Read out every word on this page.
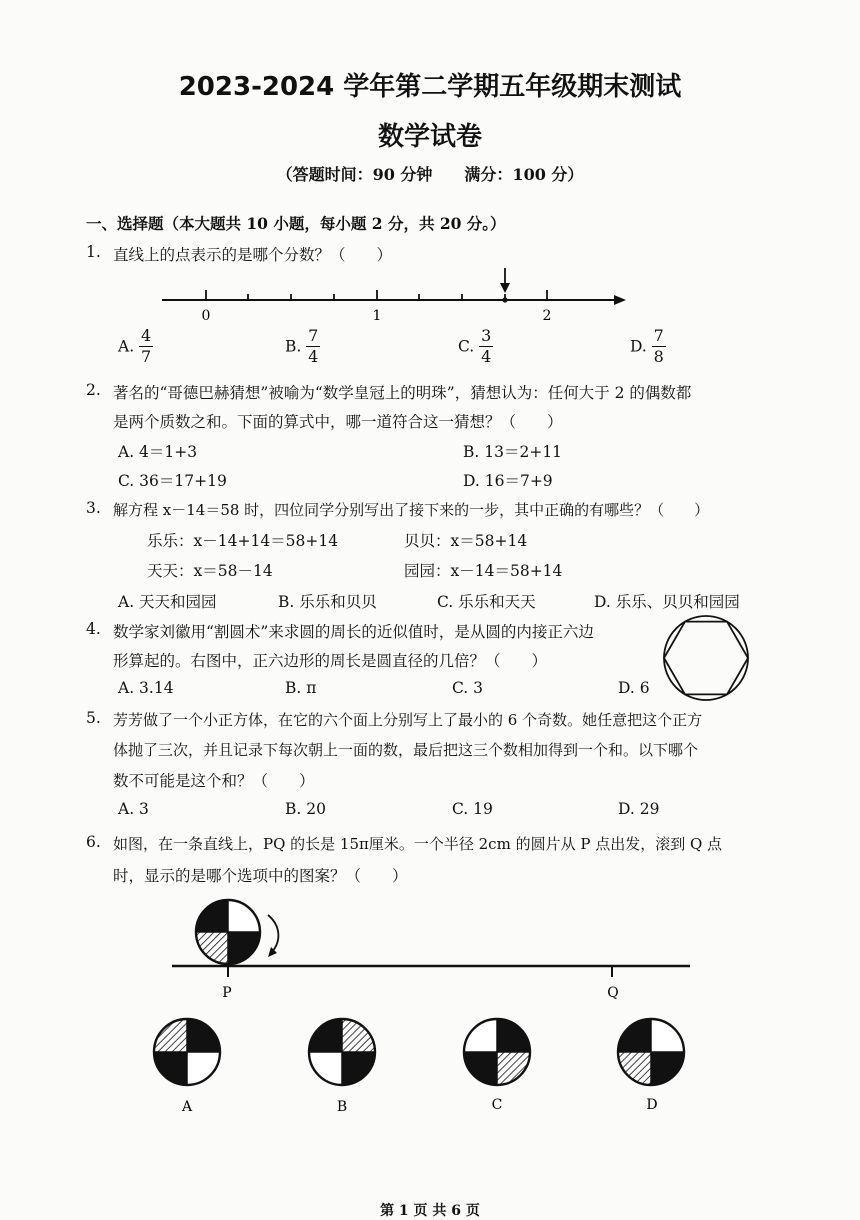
2023-2024 学年第二学期五年级期末测试
数学试卷
（答题时间：90 分钟　　满分：100 分）
一、选择题（本大题共 10 小题，每小题 2 分，共 20 分。）
1. 直线上的点表示的是哪个分数？（　　）
0	1	2
A. $\frac{4}{7}$	B. $\frac{7}{4}$	C. $\frac{3}{4}$	D. $\frac{7}{8}$
2. 著名的“哥德巴赫猜想”被喻为“数学皇冠上的明珠”，猜想认为：任何大于 2 的偶数都
是两个质数之和。下面的算式中，哪一道符合这一猜想？（　　）
A. 4＝1+3	B. 13＝2+11
C. 36＝17+19	D. 16＝7+9
3. 解方程 x－14＝58 时，四位同学分别写出了接下来的一步，其中正确的有哪些？（　　）
乐乐：x－14+14＝58+14	贝贝：x＝58+14
天天：x＝58－14	园园：x－14＝58+14
A. 天天和园园	B. 乐乐和贝贝	C. 乐乐和天天	D. 乐乐、贝贝和园园
4. 数学家刘徽用“割圆术”来求圆的周长的近似值时，是从圆的内接正六边
形算起的。右图中，正六边形的周长是圆直径的几倍？（　　）
A. 3.14	B. π	C. 3	D. 6
5. 芳芳做了一个小正方体，在它的六个面上分别写上了最小的 6 个奇数。她任意把这个正方
体抛了三次，并且记录下每次朝上一面的数，最后把这三个数相加得到一个和。以下哪个
数不可能是这个和？（　　）
A. 3	B. 20	C. 19	D. 29
6. 如图，在一条直线上，PQ 的长是 15π厘米。一个半径 2cm 的圆片从 P 点出发，滚到 Q 点
时，显示的是哪个选项中的图案？（　　）
P	Q
A	B	C	D
第 1 页 共 6 页
